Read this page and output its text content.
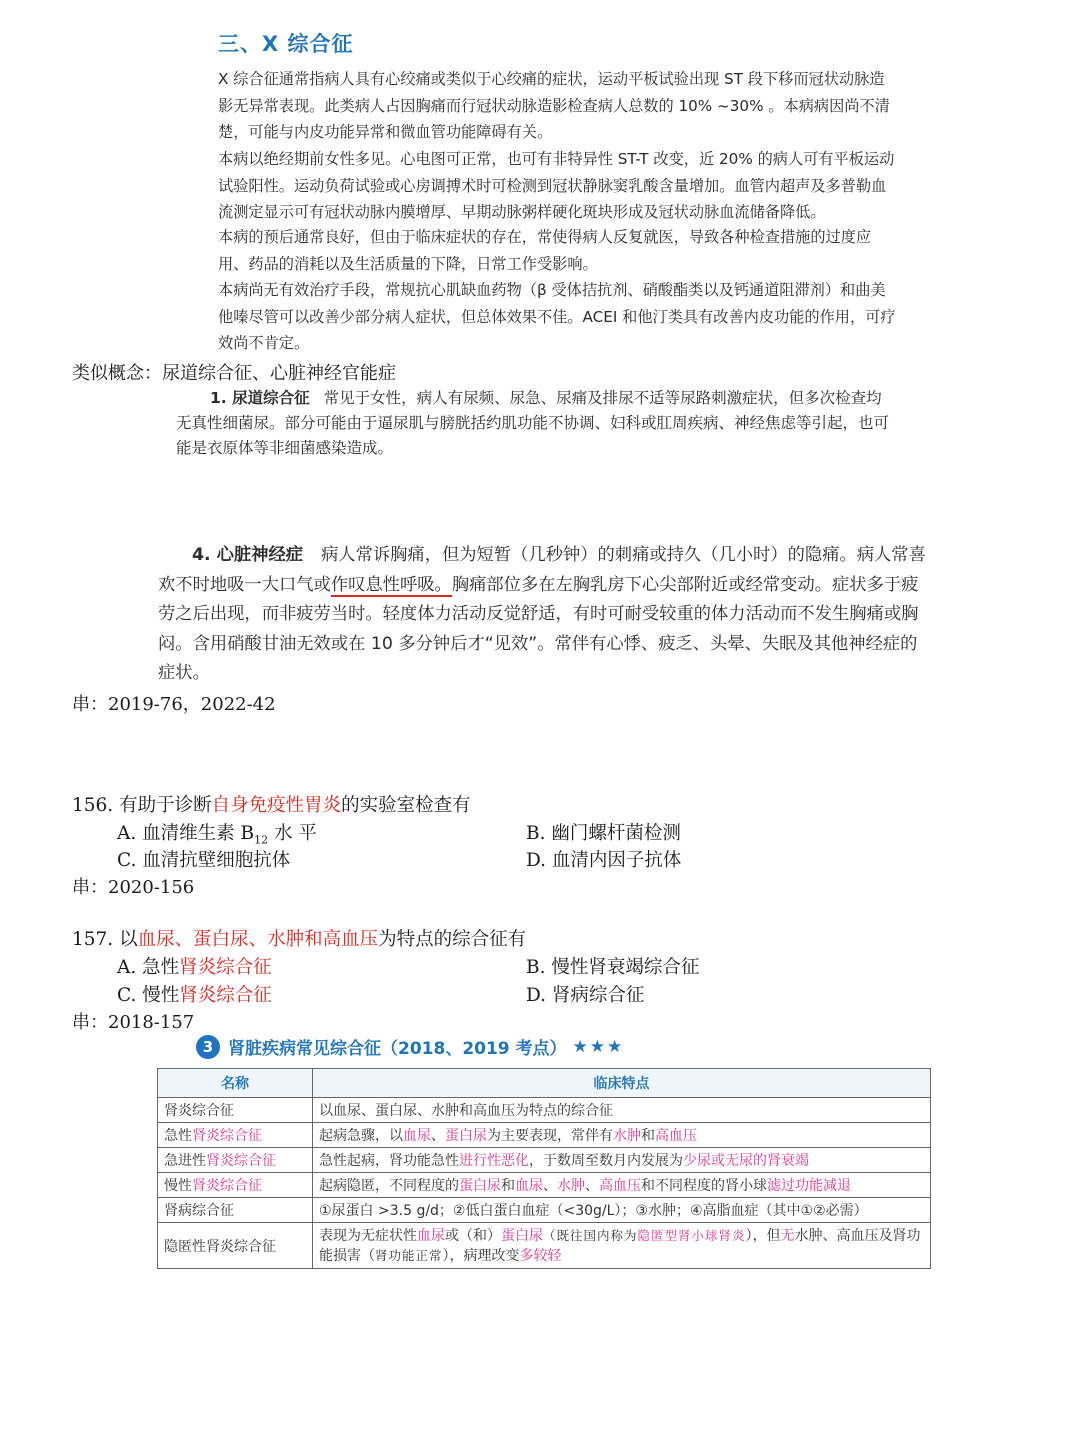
三、X 综合征
X 综合征通常指病人具有心绞痛或类似于心绞痛的症状，运动平板试验出现 ST 段下移而冠状动脉造影无异常表现。此类病人占因胸痛而行冠状动脉造影检查病人总数的 10% ~30% 。本病病因尚不清楚，可能与内皮功能异常和微血管功能障碍有关。
本病以绝经期前女性多见。心电图可正常，也可有非特异性 ST-T 改变，近 20% 的病人可有平板运动试验阳性。运动负荷试验或心房调搏术时可检测到冠状静脉窦乳酸含量增加。血管内超声及多普勒血流测定显示可有冠状动脉内膜增厚、早期动脉粥样硬化斑块形成及冠状动脉血流储备降低。
本病的预后通常良好，但由于临床症状的存在，常使得病人反复就医，导致各种检查措施的过度应用、药品的消耗以及生活质量的下降，日常工作受影响。
本病尚无有效治疗手段，常规抗心肌缺血药物（β 受体拮抗剂、硝酸酯类以及钙通道阻滞剂）和曲美他嗪尽管可以改善少部分病人症状，但总体效果不佳。ACEI 和他汀类具有改善内皮功能的作用，可疗效尚不肯定。
类似概念：尿道综合征、心脏神经官能症
1. 尿道综合征 常见于女性，病人有尿频、尿急、尿痛及排尿不适等尿路刺激症状，但多次检查均无真性细菌尿。部分可能由于逼尿肌与膀胱括约肌功能不协调、妇科或肛周疾病、神经焦虑等引起，也可能是衣原体等非细菌感染造成。
4. 心脏神经症 病人常诉胸痛，但为短暂（几秒钟）的刺痛或持久（几小时）的隐痛。病人常喜欢不时地吸一大口气或作叹息性呼吸。胸痛部位多在左胸乳房下心尖部附近或经常变动。症状多于疲劳之后出现，而非疲劳当时。轻度体力活动反觉舒适，有时可耐受较重的体力活动而不发生胸痛或胸闷。含用硝酸甘油无效或在 10 多分钟后才“见效”。常伴有心悸、疲乏、头晕、失眠及其他神经症的症状。
串：2019-76，2022-42
156. 有助于诊断自身免疫性胃炎的实验室检查有
A. 血清维生素 $B_{12}$ 水 平	B. 幽门螺杆菌检测
C. 血清抗壁细胞抗体	D. 血清内因子抗体
串：2020-156
157. 以血尿、蛋白尿、水肿和高血压为特点的综合征有
A. 急性肾炎综合征	B. 慢性肾衰竭综合征
C. 慢性肾炎综合征	D. 肾病综合征
串：2018-157
3 肾脏疾病常见综合征（2018、2019 考点） ★★★
名称	临床特点
肾炎综合征	以血尿、蛋白尿、水肿和高血压为特点的综合征
急性肾炎综合征	起病急骤，以血尿、蛋白尿为主要表现，常伴有水肿和高血压
急进性肾炎综合征	急性起病，肾功能急性进行性恶化，于数周至数月内发展为少尿或无尿的肾衰竭
慢性肾炎综合征	起病隐匿，不同程度的蛋白尿和血尿、水肿、高血压和不同程度的肾小球滤过功能减退
肾病综合征	①尿蛋白 >3.5 g/d；②低白蛋白血症（<30g/L）；③水肿；④高脂血症（其中①②必需）
隐匿性肾炎综合征	表现为无症状性血尿或（和）蛋白尿（既往国内称为隐匿型肾小球肾炎），但无水肿、高血压及肾功能损害（肾功能正常），病理改变多较轻
